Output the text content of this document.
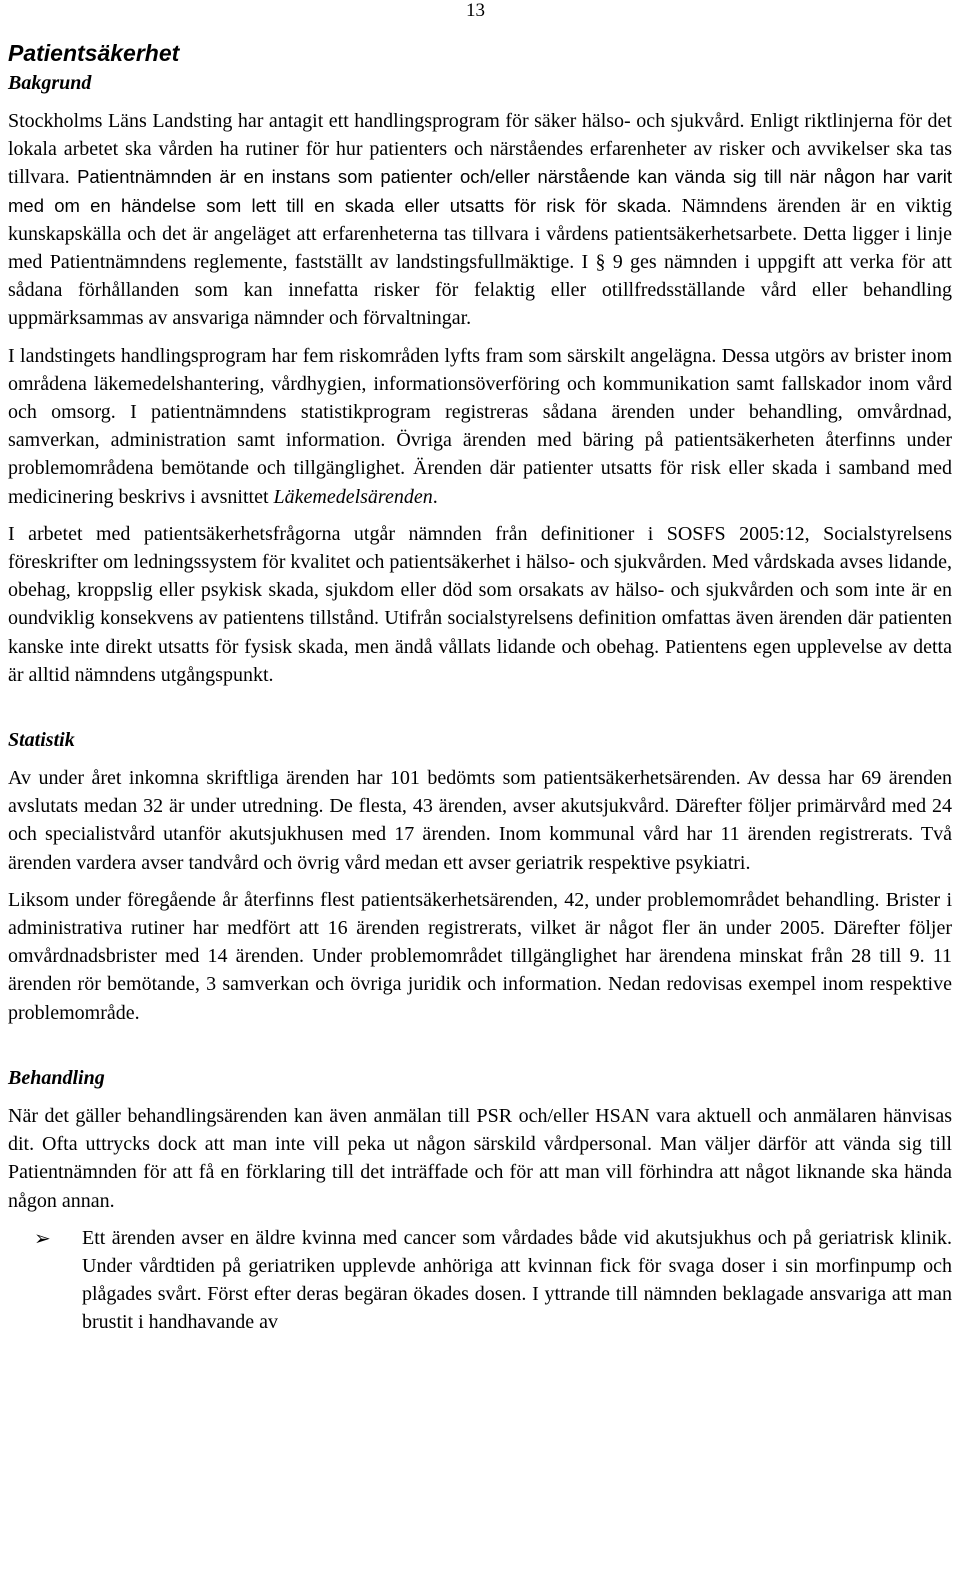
13
Patientsäkerhet
Bakgrund

Stockholms Läns Landsting har antagit ett handlingsprogram för säker hälso- och sjukvård. Enligt riktlinjerna för det lokala arbetet ska vården ha rutiner för hur patienters och närståendes erfarenheter av risker och avvikelser ska tas tillvara. Patientnämnden är en instans som patienter och/eller närstående kan vända sig till när någon har varit med om en händelse som lett till en skada eller utsatts för risk för skada. Nämndens ärenden är en viktig kunskapskälla och det är angeläget att erfarenheterna tas tillvara i vårdens patientsäkerhetsarbete. Detta ligger i linje med Patientnämndens reglemente, fastställt av landstingsfullmäktige. I § 9 ges nämnden i uppgift att verka för att sådana förhållanden som kan innefatta risker för felaktig eller otillfredsställande vård eller behandling uppmärksammas av ansvariga nämnder och förvaltningar.

I landstingets handlingsprogram har fem riskområden lyfts fram som särskilt angelägna. Dessa utgörs av brister inom områdena läkemedelshantering, vårdhygien, informationsöverföring och kommunikation samt fallskador inom vård och omsorg. I patientnämndens statistikprogram registreras sådana ärenden under behandling, omvårdnad, samverkan, administration samt information. Övriga ärenden med bäring på patientsäkerheten återfinns under problemområdena bemötande och tillgänglighet. Ärenden där patienter utsatts för risk eller skada i samband med medicinering beskrivs i avsnittet Läkemedelsärenden.

I arbetet med patientsäkerhetsfrågorna utgår nämnden från definitioner i SOSFS 2005:12, Socialstyrelsens föreskrifter om ledningssystem för kvalitet och patientsäkerhet i hälso- och sjukvården. Med vårdskada avses lidande, obehag, kroppslig eller psykisk skada, sjukdom eller död som orsakats av hälso- och sjukvården och som inte är en oundviklig konsekvens av patientens tillstånd. Utifrån socialstyrelsens definition omfattas även ärenden där patienten kanske inte direkt utsatts för fysisk skada, men ändå vållats lidande och obehag. Patientens egen upplevelse av detta är alltid nämndens utgångspunkt.

Statistik

Av under året inkomna skriftliga ärenden har 101 bedömts som patientsäkerhetsärenden. Av dessa har 69 ärenden avslutats medan 32 är under utredning. De flesta, 43 ärenden, avser akutsjukvård. Därefter följer primärvård med 24 och specialistvård utanför akutsjukhusen med 17 ärenden. Inom kommunal vård har 11 ärenden registrerats. Två ärenden vardera avser tandvård och övrig vård medan ett avser geriatrik respektive psykiatri.

Liksom under föregående år återfinns flest patientsäkerhetsärenden, 42, under problemområdet behandling. Brister i administrativa rutiner har medfört att 16 ärenden registrerats, vilket är något fler än under 2005. Därefter följer omvårdnadsbrister med 14 ärenden. Under problemområdet tillgänglighet har ärendena minskat från 28 till 9. 11 ärenden rör bemötande, 3 samverkan och övriga juridik och information. Nedan redovisas exempel inom respektive problemområde.

Behandling

När det gäller behandlingsärenden kan även anmälan till PSR och/eller HSAN vara aktuell och anmälaren hänvisas dit. Ofta uttrycks dock att man inte vill peka ut någon särskild vårdpersonal. Man väljer därför att vända sig till Patientnämnden för att få en förklaring till det inträffade och för att man vill förhindra att något liknande ska hända någon annan.

➢ Ett ärenden avser en äldre kvinna med cancer som vårdades både vid akutsjukhus och på geriatrisk klinik. Under vårdtiden på geriatriken upplevde anhöriga att kvinnan fick för svaga doser i sin morfinpump och plågades svårt. Först efter deras begäran ökades dosen. I yttrande till nämnden beklagade ansvariga att man brustit i handhavande av
